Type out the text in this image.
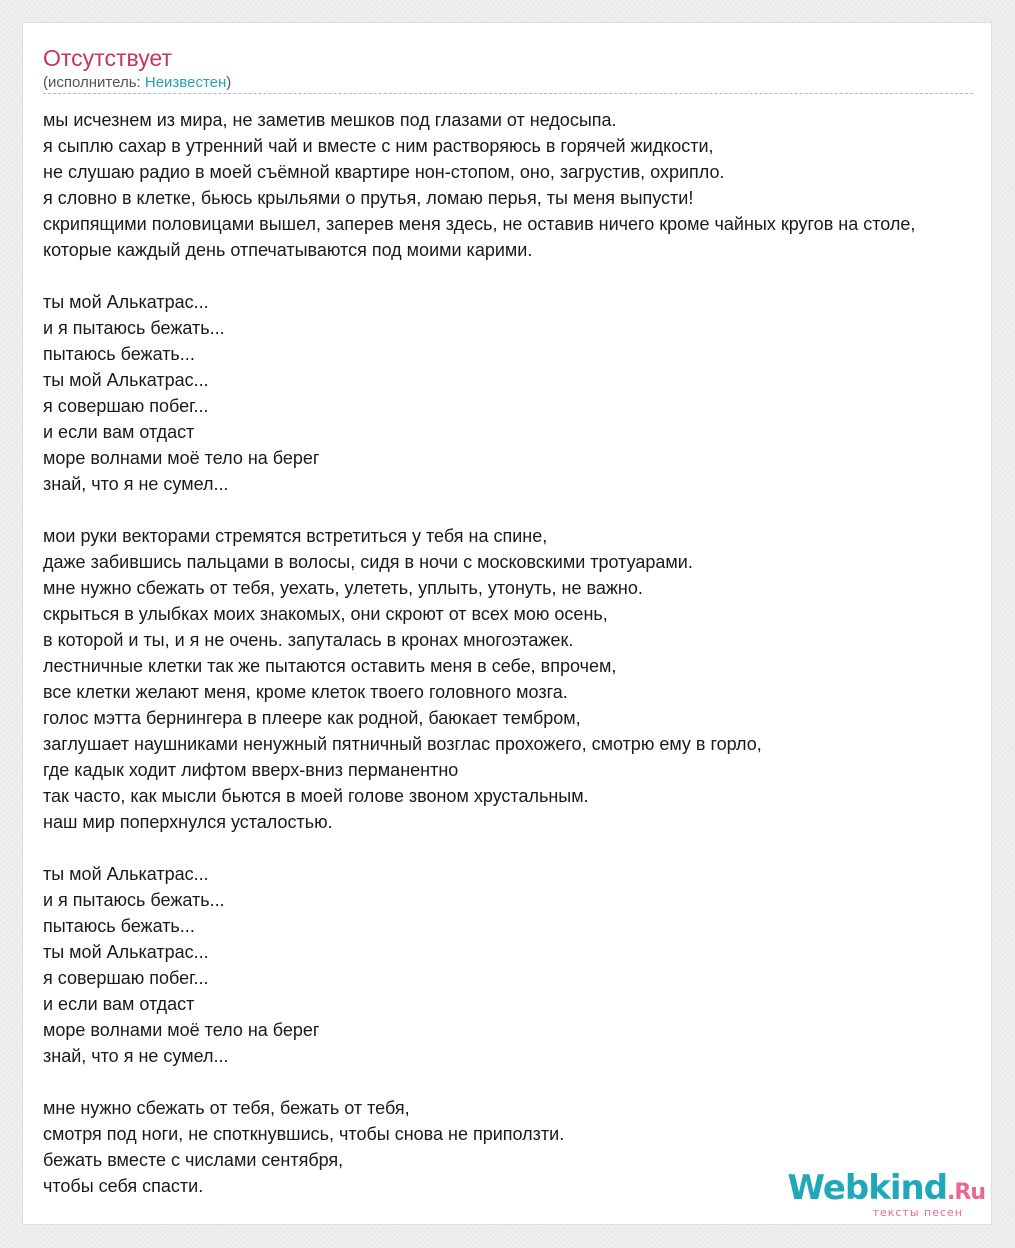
Отсутствует
(исполнитель: Неизвестен)
мы исчезнем из мира, не заметив мешков под глазами от недосыпа.
я сыплю сахар в утренний чай и вместе с ним растворяюсь в горячей жидкости,
не слушаю радио в моей съёмной квартире нон-стопом, оно, загрустив, охрипло.
я словно в клетке, бьюсь крыльями о прутья, ломаю перья, ты меня выпусти!
скрипящими половицами вышел, заперев меня здесь, не оставив ничего кроме чайных кругов на столе,
которые каждый день отпечатываются под моими карими.
ты мой Алькатрас...
и я пытаюсь бежать...
пытаюсь бежать...
ты мой Алькатрас...
я совершаю побег...
и если вам отдаст
море волнами моё тело на берег
знай, что я не сумел...
мои руки векторами стремятся встретиться у тебя на спине,
даже забившись пальцами в волосы, сидя в ночи с московскими тротуарами.
мне нужно сбежать от тебя, уехать, улететь, уплыть, утонуть, не важно.
скрыться в улыбках моих знакомых, они скроют от всех мою осень,
в которой и ты, и я не очень. запуталась в кронах многоэтажек.
лестничные клетки так же пытаются оставить меня в себе, впрочем,
все клетки желают меня, кроме клеток твоего головного мозга.
голос мэтта бернингера в плеере как родной, баюкает тембром,
заглушает наушниками ненужный пятничный возглас прохожего, смотрю ему в горло,
где кадык ходит лифтом вверх-вниз перманентно
так часто, как мысли бьются в моей голове звоном хрустальным.
наш мир поперхнулся усталостью.
ты мой Алькатрас...
и я пытаюсь бежать...
пытаюсь бежать...
ты мой Алькатрас...
я совершаю побег...
и если вам отдаст
море волнами моё тело на берег
знай, что я не сумел...
мне нужно сбежать от тебя, бежать от тебя,
смотря под ноги, не споткнувшись, чтобы снова не приползти.
бежать вместе с числами сентября,
чтобы себя спасти.	Webkind.Ru
тексты песен
